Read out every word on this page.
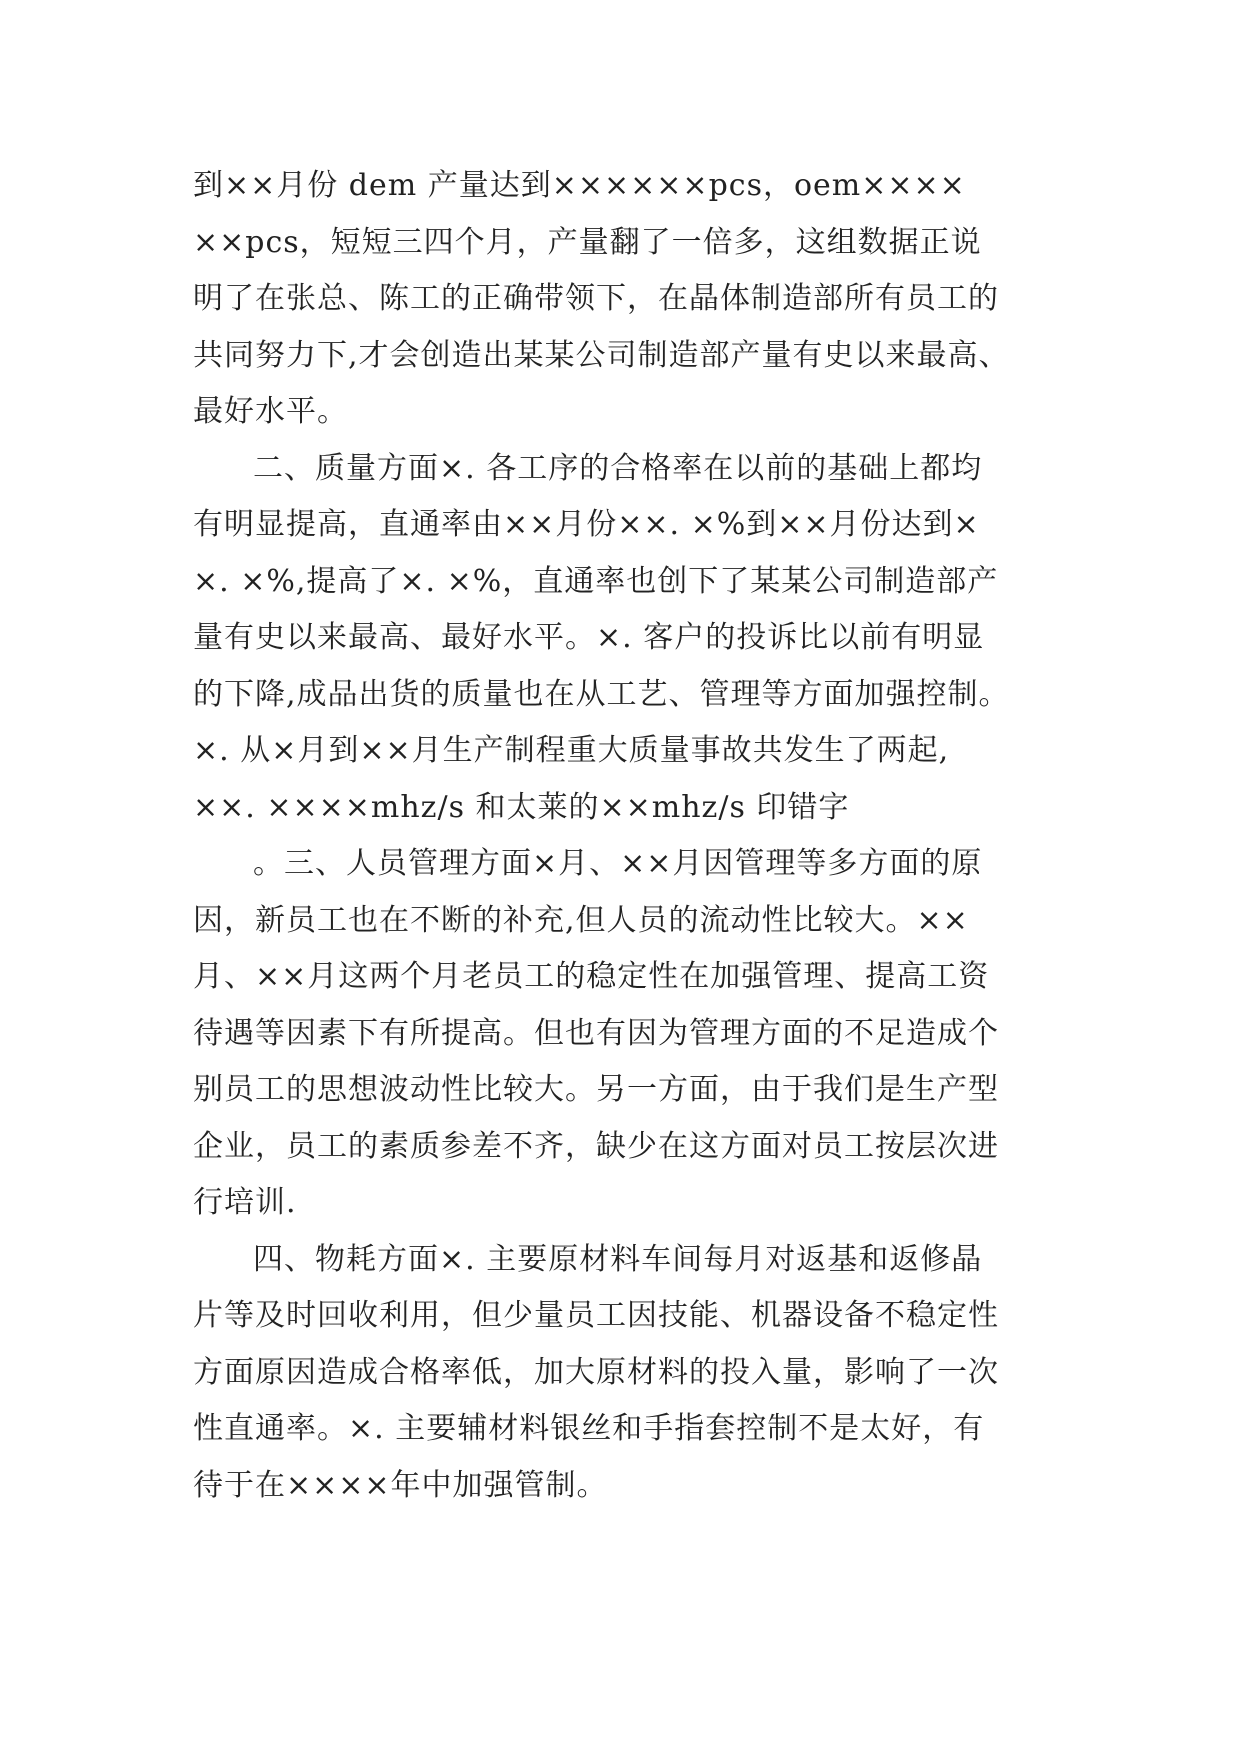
到××月份 dem 产量达到××××××pcs，oem××××
××pcs，短短三四个月，产量翻了一倍多，这组数据正说
明了在张总、陈工的正确带领下，在晶体制造部所有员工的
共同努力下,才会创造出某某公司制造部产量有史以来最高、
最好水平。
二、质量方面×. 各工序的合格率在以前的基础上都均
有明显提高，直通率由××月份××. ×%到××月份达到×
×. ×%,提高了×. ×%，直通率也创下了某某公司制造部产
量有史以来最高、最好水平。×. 客户的投诉比以前有明显
的下降,成品出货的质量也在从工艺、管理等方面加强控制。
×. 从×月到××月生产制程重大质量事故共发生了两起,
××. ××××mhz/s 和太莱的××mhz/s 印错字
。三、人员管理方面×月、××月因管理等多方面的原
因，新员工也在不断的补充,但人员的流动性比较大。××
月、××月这两个月老员工的稳定性在加强管理、提高工资
待遇等因素下有所提高。但也有因为管理方面的不足造成个
别员工的思想波动性比较大。另一方面，由于我们是生产型
企业，员工的素质参差不齐，缺少在这方面对员工按层次进
行培训.
四、物耗方面×. 主要原材料车间每月对返基和返修晶
片等及时回收利用，但少量员工因技能、机器设备不稳定性
方面原因造成合格率低，加大原材料的投入量，影响了一次
性直通率。×. 主要辅材料银丝和手指套控制不是太好，有
待于在××××年中加强管制。
